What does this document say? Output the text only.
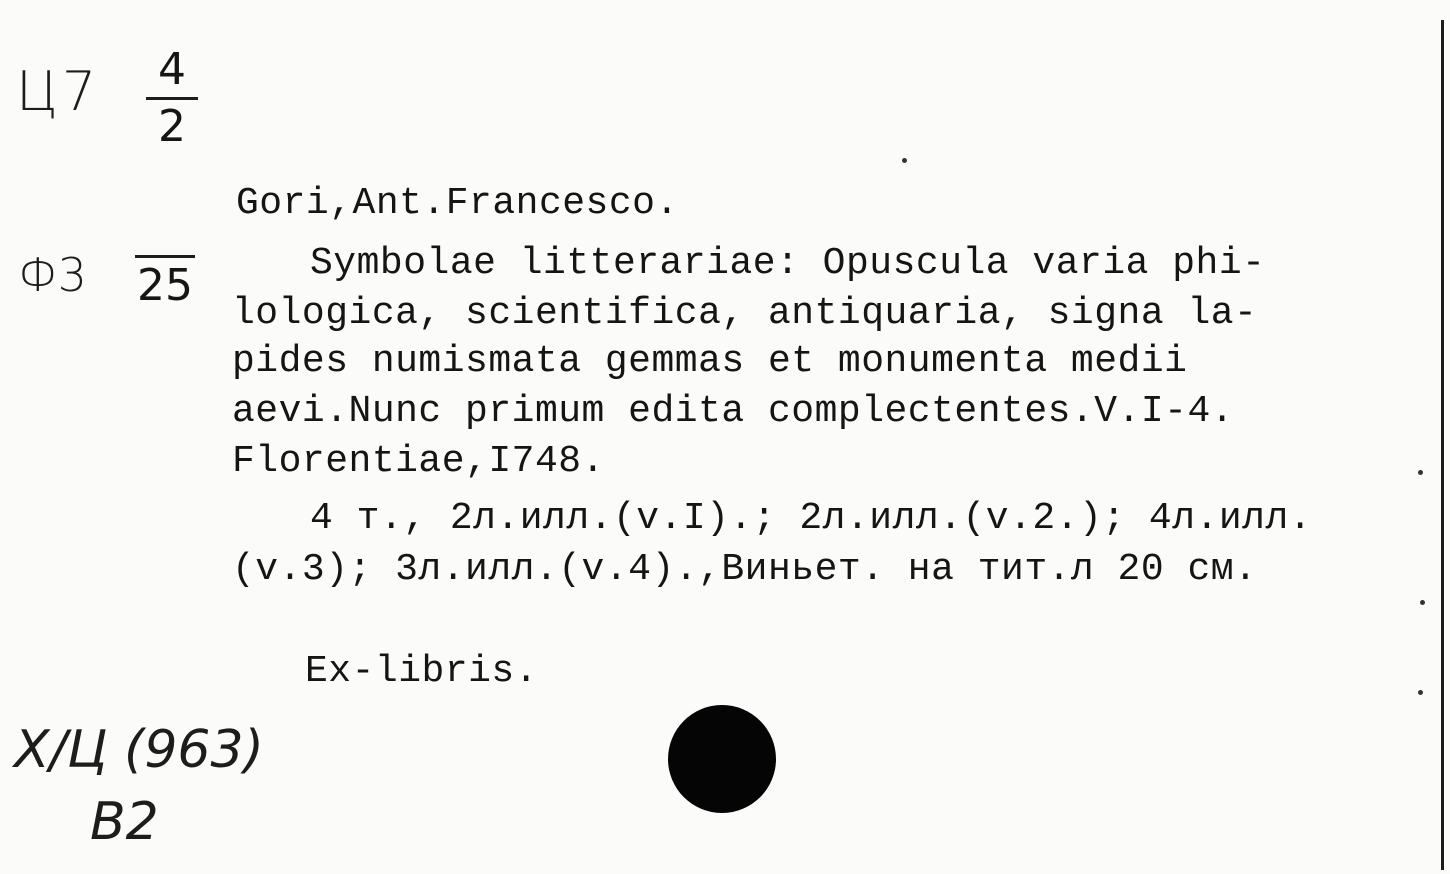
Ц7 4
2
Ф3 25
Gori,Ant.Francesco.
Symbolae litterariae: Opuscula varia phi-
lologica, scientifica, antiquaria, signa la-
pides numismata gemmas et monumenta medii
aevi.Nunc primum edita complectentes.V.I-4.
Florentiae,I748.
4 т., 2л.илл.(v.I).; 2л.илл.(v.2.); 4л.илл.
(v.3); 3л.илл.(v.4).,Виньет. на тит.л 20 см.
Ex-libris.
Х/Ц (963)
В2
